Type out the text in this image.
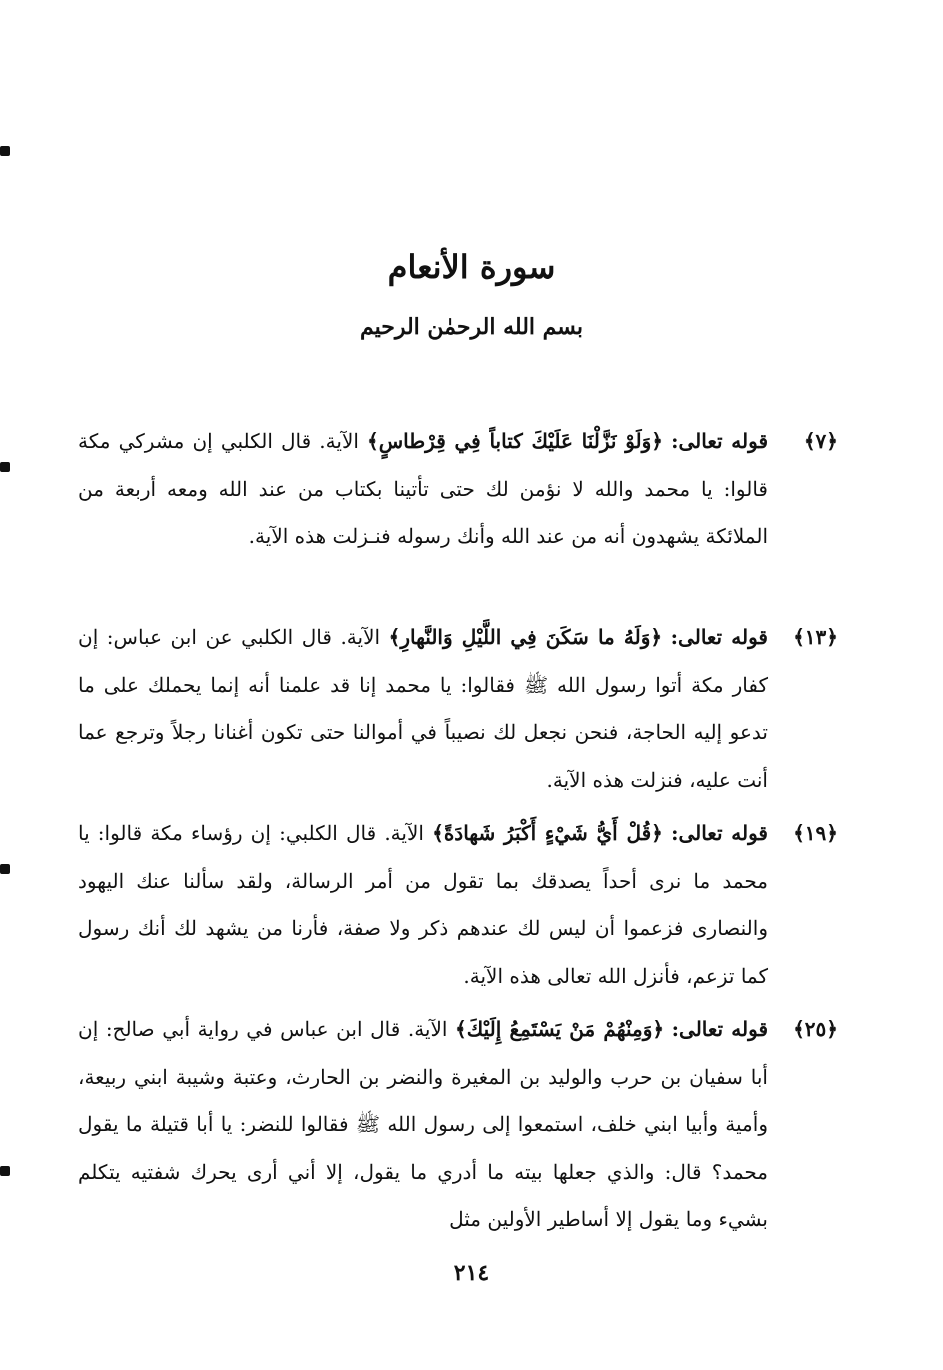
سورة الأنعام
بسم الله الرحمٰن الرحيم
﴿٧﴾
قوله تعالى: ﴿وَلَوْ نَزَّلْنَا عَلَيْكَ كتاباً فِي قِرْطاسٍ﴾ الآية. قال الكلبي إن مشركي مكة قالوا: يا محمد والله لا نؤمن لك حتى تأتينا بكتاب من عند الله ومعه أربعة من الملائكة يشهدون أنه من عند الله وأنك رسوله فنـزلت هذه الآية.
﴿١٣﴾
قوله تعالى: ﴿وَلَهُ ما سَكَنَ فِي اللَّيْلِ وَالنَّهارِ﴾ الآية. قال الكلبي عن ابن عباس: إن كفار مكة أتوا رسول الله ﷺ فقالوا: يا محمد إنا قد علمنا أنه إنما يحملك على ما تدعو إليه الحاجة، فنحن نجعل لك نصيباً في أموالنا حتى تكون أغنانا رجلاً وترجع عما أنت عليه، فنزلت هذه الآية.
﴿١٩﴾
قوله تعالى: ﴿قُلْ أَيُّ شَيْءٍ أَكْبَرُ شَهادَةً﴾ الآية. قال الكلبي: إن رؤساء مكة قالوا: يا محمد ما نرى أحداً يصدقك بما تقول من أمر الرسالة، ولقد سألنا عنك اليهود والنصارى فزعموا أن ليس لك عندهم ذكر ولا صفة، فأرنا من يشهد لك أنك رسول كما تزعم، فأنزل الله تعالى هذه الآية.
﴿٢٥﴾
قوله تعالى: ﴿وَمِنْهُمْ مَنْ يَسْتَمِعُ إِلَيْكَ﴾ الآية. قال ابن عباس في رواية أبي صالح: إن أبا سفيان بن حرب والوليد بن المغيرة والنضر بن الحارث، وعتبة وشيبة ابني ربيعة، وأمية وأبيا ابني خلف، استمعوا إلى رسول الله ﷺ فقالوا للنضر: يا أبا قتيلة ما يقول محمد؟ قال: والذي جعلها بيته ما أدري ما يقول، إلا أني أرى يحرك شفتيه يتكلم بشيء وما يقول إلا أساطير الأولين مثل
٢١٤
